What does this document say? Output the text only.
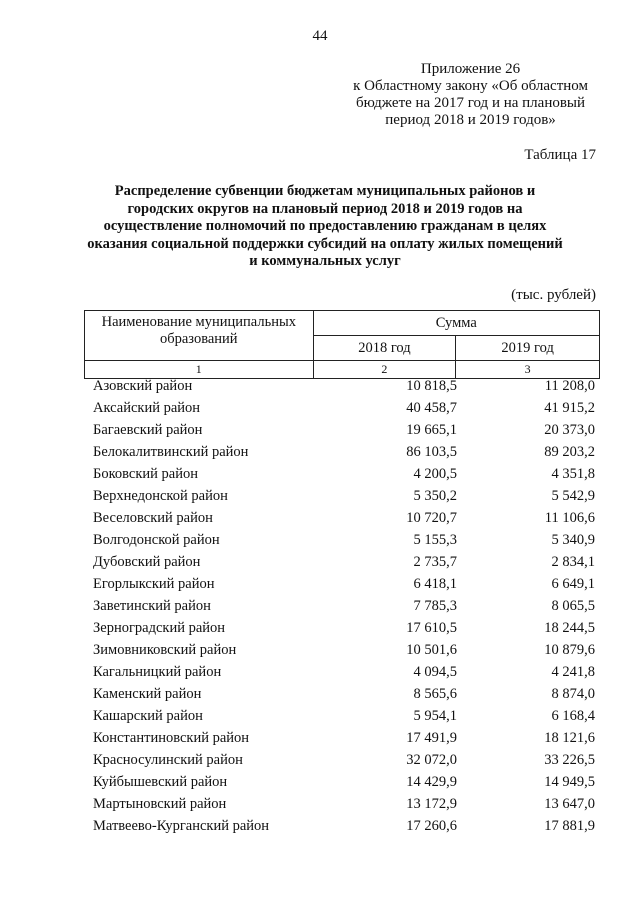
44
Приложение 26
к Областному закону «Об областном
бюджете на 2017 год и на плановый
период 2018 и 2019 годов»
Таблица 17
Распределение субвенции бюджетам муниципальных районов и городских округов на плановый период 2018 и 2019 годов на осуществление полномочий по предоставлению гражданам в целях оказания социальной поддержки субсидий на оплату жилых помещений и коммунальных услуг
(тыс. рублей)
Наименование муниципальных образований	Сумма	
	2018 год	2019 год
1	2	3
Азовский район	10 818,5	11 208,0
Аксайский район	40 458,7	41 915,2
Багаевский район	19 665,1	20 373,0
Белокалитвинский район	86 103,5	89 203,2
Боковский район	4 200,5	4 351,8
Верхнедонской район	5 350,2	5 542,9
Веселовский район	10 720,7	11 106,6
Волгодонской район	5 155,3	5 340,9
Дубовский район	2 735,7	2 834,1
Егорлыкский район	6 418,1	6 649,1
Заветинский район	7 785,3	8 065,5
Зерноградский район	17 610,5	18 244,5
Зимовниковский район	10 501,6	10 879,6
Кагальницкий район	4 094,5	4 241,8
Каменский район	8 565,6	8 874,0
Кашарский район	5 954,1	6 168,4
Константиновский район	17 491,9	18 121,6
Красносулинский район	32 072,0	33 226,5
Куйбышевский район	14 429,9	14 949,5
Мартыновский район	13 172,9	13 647,0
Матвеево-Курганский район	17 260,6	17 881,9
